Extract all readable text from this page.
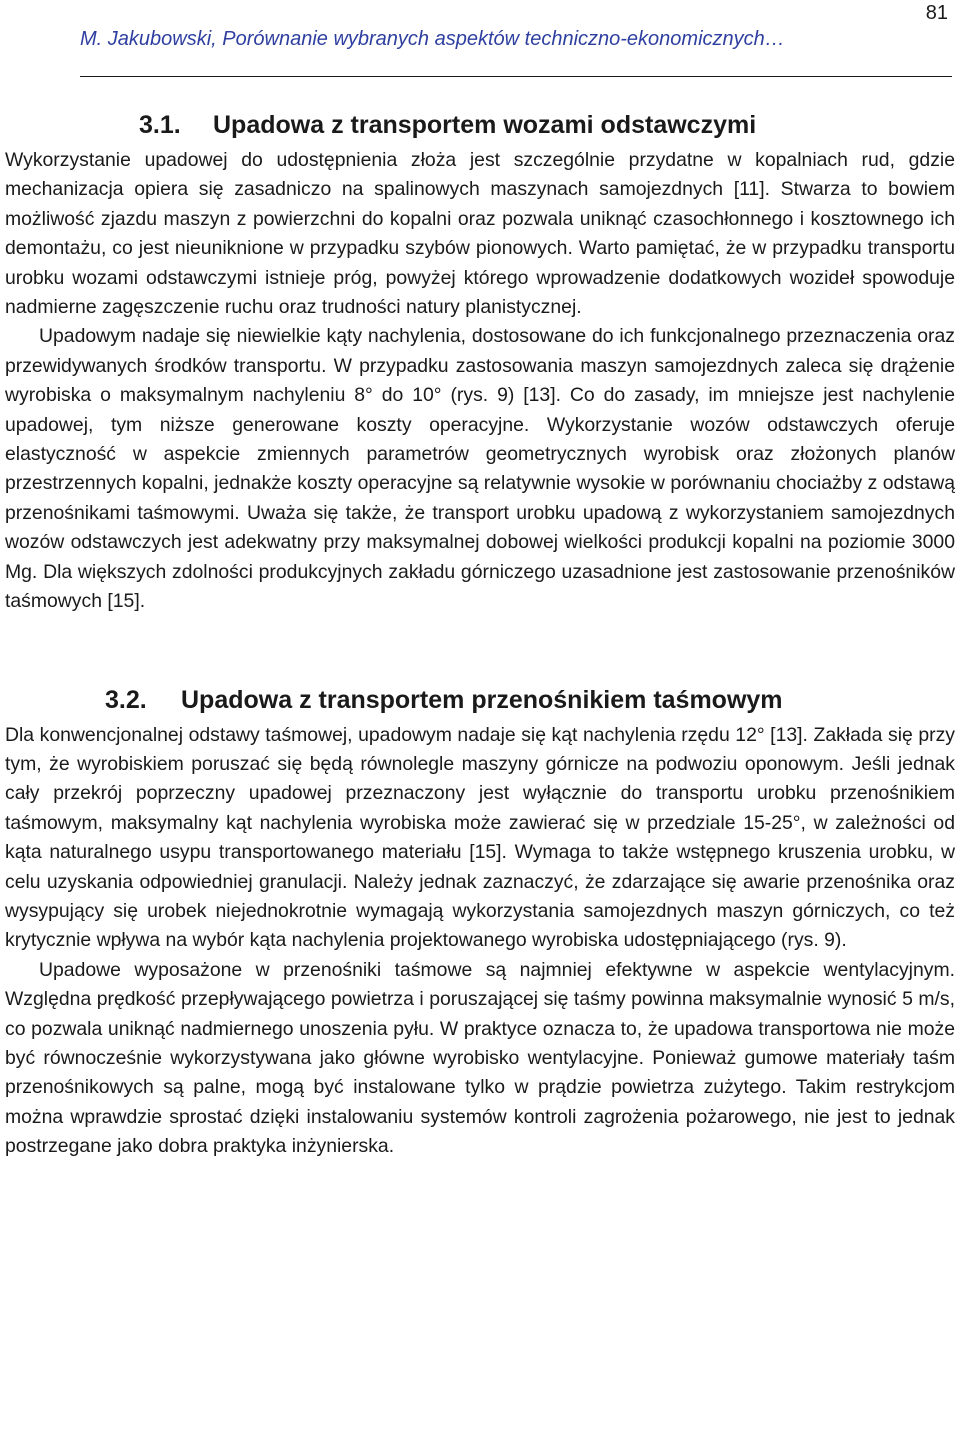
M. Jakubowski, Porównanie wybranych aspektów techniczno-ekonomicznych…
81
3.1. Upadowa z transportem wozami odstawczymi

Wykorzystanie upadowej do udostępnienia złoża jest szczególnie przydatne w kopalniach rud, gdzie mechanizacja opiera się zasadniczo na spalinowych maszynach samojezdnych [11]. Stwarza to bowiem możliwość zjazdu maszyn z powierzchni do kopalni oraz pozwala uniknąć czasochłonnego i kosztownego ich demontażu, co jest nieuniknione w przypadku szybów pionowych. Warto pamiętać, że w przypadku transportu urobku wozami odstawczymi istnieje próg, powyżej którego wprowadzenie dodatkowych wozideł spowoduje nadmierne zagęszczenie ruchu oraz trudności natury planistycznej.

Upadowym nadaje się niewielkie kąty nachylenia, dostosowane do ich funkcjonalnego przeznaczenia oraz przewidywanych środków transportu. W przypadku zastosowania maszyn samojezdnych zaleca się drążenie wyrobiska o maksymalnym nachyleniu 8° do 10° (rys. 9) [13]. Co do zasady, im mniejsze jest nachylenie upadowej, tym niższe generowane koszty operacyjne. Wykorzystanie wozów odstawczych oferuje elastyczność w aspekcie zmiennych parametrów geometrycznych wyrobisk oraz złożonych planów przestrzennych kopalni, jednakże koszty operacyjne są relatywnie wysokie w porównaniu chociażby z odstawą przenośnikami taśmowymi. Uważa się także, że transport urobku upadową z wykorzystaniem samojezdnych wozów odstawczych jest adekwatny przy maksymalnej dobowej wielkości produkcji kopalni na poziomie 3000 Mg. Dla większych zdolności produkcyjnych zakładu górniczego uzasadnione jest zastosowanie przenośników taśmowych [15].

3.2. Upadowa z transportem przenośnikiem taśmowym

Dla konwencjonalnej odstawy taśmowej, upadowym nadaje się kąt nachylenia rzędu 12° [13]. Zakłada się przy tym, że wyrobiskiem poruszać się będą równolegle maszyny górnicze na podwoziu oponowym. Jeśli jednak cały przekrój poprzeczny upadowej przeznaczony jest wyłącznie do transportu urobku przenośnikiem taśmowym, maksymalny kąt nachylenia wyrobiska może zawierać się w przedziale 15-25°, w zależności od kąta naturalnego usypu transportowanego materiału [15]. Wymaga to także wstępnego kruszenia urobku, w celu uzyskania odpowiedniej granulacji. Należy jednak zaznaczyć, że zdarzające się awarie przenośnika oraz wysypujący się urobek niejednokrotnie wymagają wykorzystania samojezdnych maszyn górniczych, co też krytycznie wpływa na wybór kąta nachylenia projektowanego wyrobiska udostępniającego (rys. 9).

Upadowe wyposażone w przenośniki taśmowe są najmniej efektywne w aspekcie wentylacyjnym. Względna prędkość przepływającego powietrza i poruszającej się taśmy powinna maksymalnie wynosić 5 m/s, co pozwala uniknąć nadmiernego unoszenia pyłu. W praktyce oznacza to, że upadowa transportowa nie może być równocześnie wykorzystywana jako główne wyrobisko wentylacyjne. Ponieważ gumowe materiały taśm przenośnikowych są palne, mogą być instalowane tylko w prądzie powietrza zużytego. Takim restrykcjom można wprawdzie sprostać dzięki instalowaniu systemów kontroli zagrożenia pożarowego, nie jest to jednak postrzegane jako dobra praktyka inżynierska.
